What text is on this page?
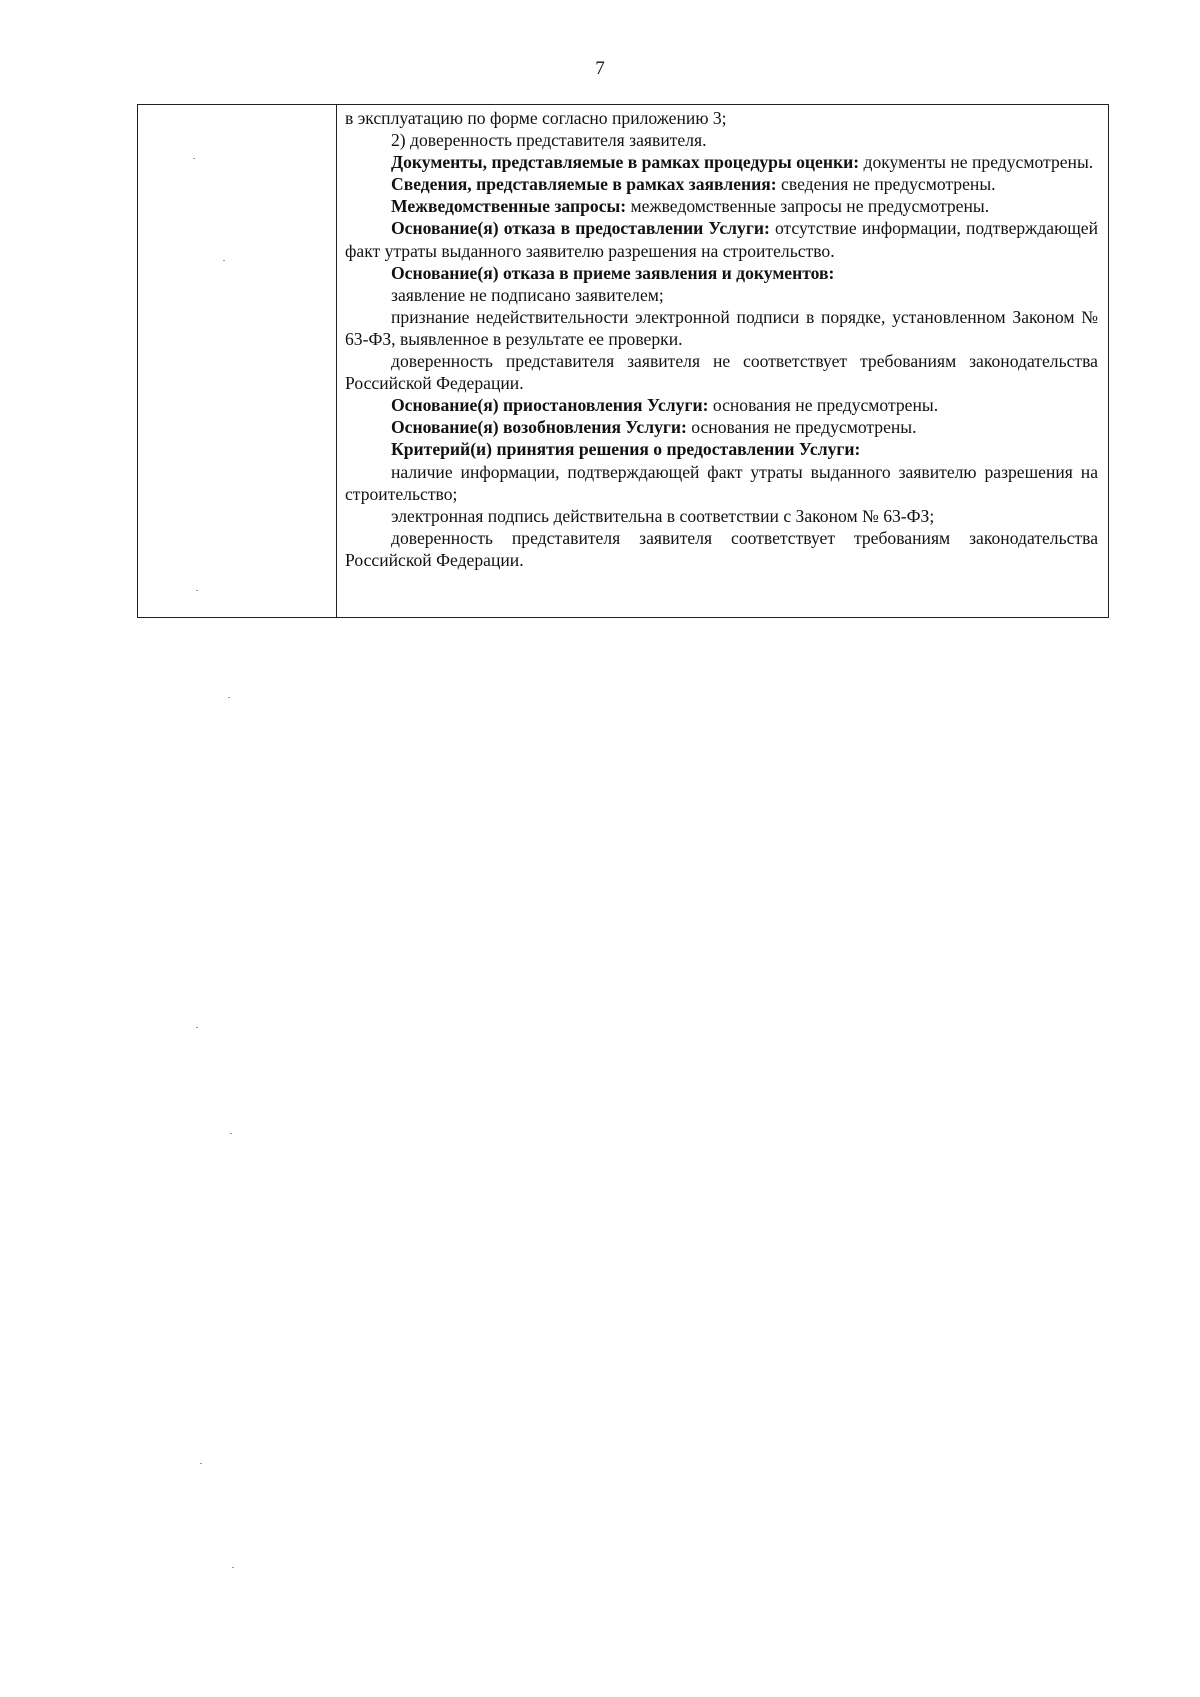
7

в эксплуатацию по форме согласно приложению 3;

2) доверенность представителя заявителя.

Документы, представляемые в рамках процедуры оценки: документы не предусмотрены.

Сведения, представляемые в рамках заявления: сведения не предусмотрены.

Межведомственные запросы: межведомственные запросы не предусмотрены.

Основание(я) отказа в предоставлении Услуги: отсутствие информации, подтверждающей факт утраты выданного заявителю разрешения на строительство.

Основание(я) отказа в приеме заявления и документов:

заявление не подписано заявителем;

признание недействительности электронной подписи в порядке, установленном Законом № 63-ФЗ, выявленное в результате ее проверки.

доверенность представителя заявителя не соответствует требованиям законодательства Российской Федерации.

Основание(я) приостановления Услуги: основания не предусмотрены.

Основание(я) возобновления Услуги: основания не предусмотрены.

Критерий(и) принятия решения о предоставлении Услуги:

наличие информации, подтверждающей факт утраты выданного заявителю разрешения на строительство;

электронная подпись действительна в соответствии с Законом № 63-ФЗ;

доверенность представителя заявителя соответствует требованиям законодательства Российской Федерации.
